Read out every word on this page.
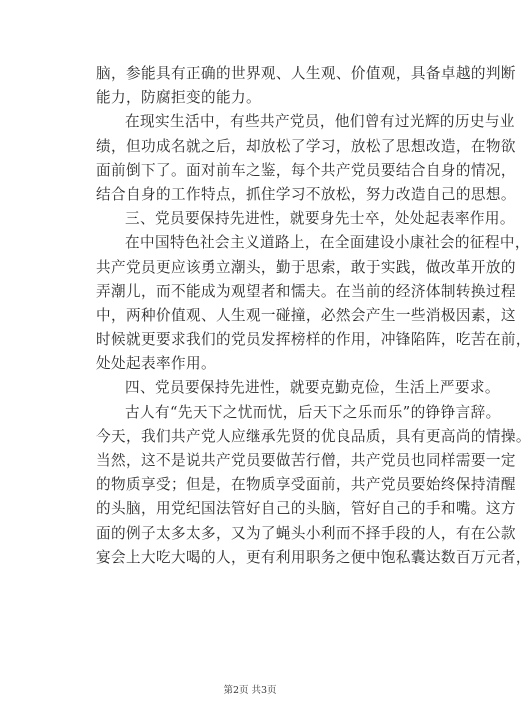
脑，参能具有正确的世界观、人生观、价值观，具备卓越的判断
能力，防腐拒变的能力。
在现实生活中，有些共产党员，他们曾有过光辉的历史与业
绩，但功成名就之后，却放松了学习，放松了思想改造，在物欲
面前倒下了。面对前车之鉴，每个共产党员要结合自身的情况，
结合自身的工作特点，抓住学习不放松，努力改造自己的思想。
三、党员要保持先进性，就要身先士卒，处处起表率作用。
在中国特色社会主义道路上，在全面建设小康社会的征程中，
共产党员更应该勇立潮头，勤于思索，敢于实践，做改革开放的
弄潮儿，而不能成为观望者和懦夫。在当前的经济体制转换过程
中，两种价值观、人生观一碰撞，必然会产生一些消极因素，这
时候就更要求我们的党员发挥榜样的作用，冲锋陷阵，吃苦在前，
处处起表率作用。
四、党员要保持先进性，就要克勤克俭，生活上严要求。
古人有“先天下之忧而忧，后天下之乐而乐”的铮铮言辞。
今天，我们共产党人应继承先贤的优良品质，具有更高尚的情操。
当然，这不是说共产党员要做苦行僧，共产党员也同样需要一定
的物质享受；但是，在物质享受面前，共产党员要始终保持清醒
的头脑，用党纪国法管好自己的头脑，管好自己的手和嘴。这方
面的例子太多太多，又为了蝇头小利而不择手段的人，有在公款
宴会上大吃大喝的人，更有利用职务之便中饱私囊达数百万元者，
第2页 共3页
